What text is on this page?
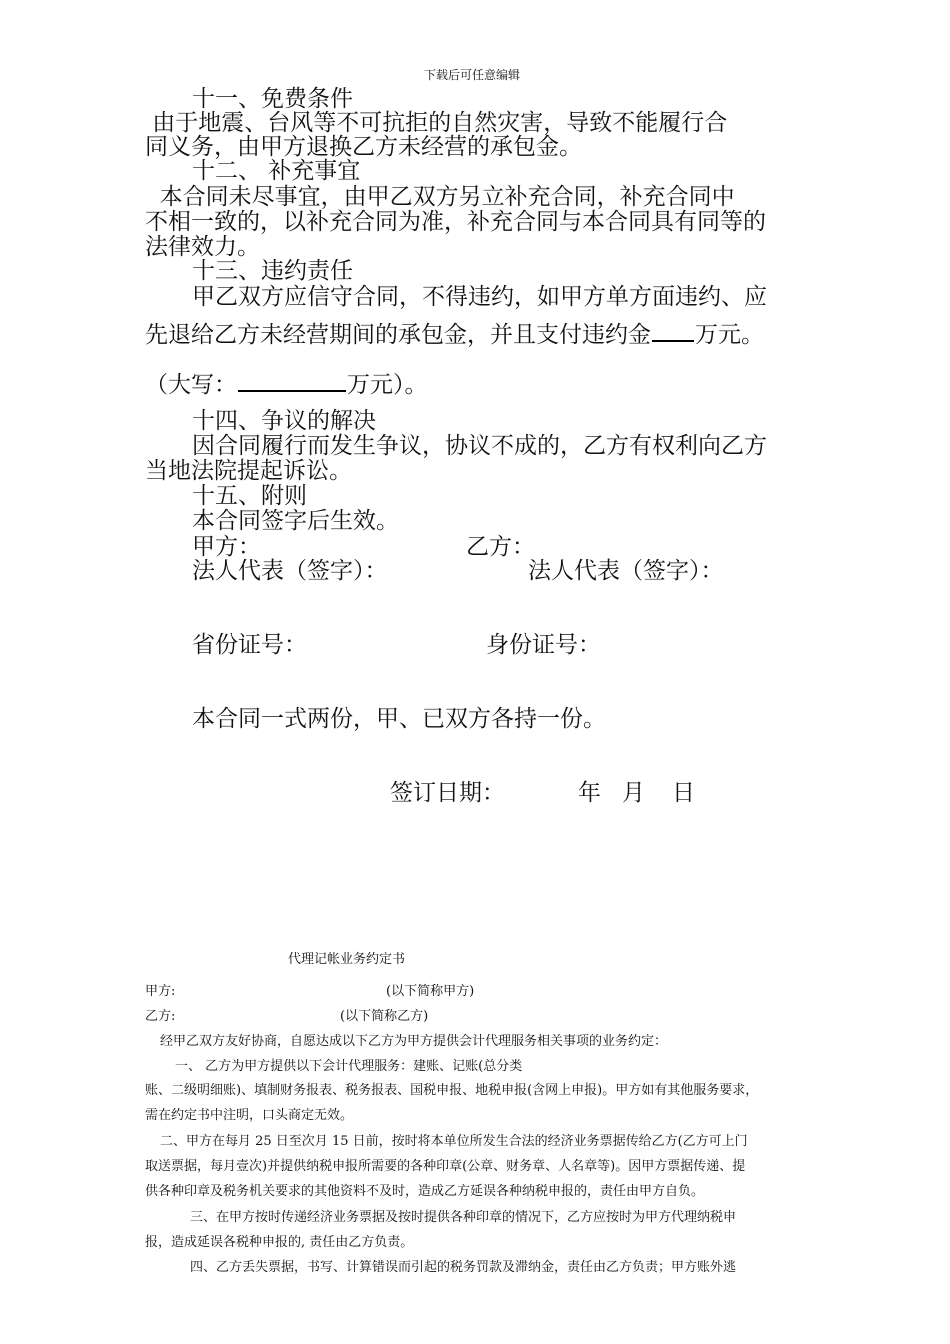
下载后可任意编辑
十一、免费条件
由于地震、台风等不可抗拒的自然灾害，导致不能履行合
同义务，由甲方退换乙方未经营的承包金。
十二、 补充事宜
本合同未尽事宜，由甲乙双方另立补充合同，补充合同中
不相一致的，以补充合同为准，补充合同与本合同具有同等的
法律效力。
十三、违约责任
甲乙双方应信守合同，不得违约，如甲方单方面违约、应
先退给乙方未经营期间的承包金，并且支付违约金 万元。
（大写：	万元）。
十四、争议的解决
因合同履行而发生争议，协议不成的，乙方有权利向乙方
当地法院提起诉讼。
十五、附则
本合同签字后生效。
甲方：	乙方：
法人代表（签字）：	法人代表（签字）：
省份证号：	身份证号：
本合同一式两份，甲、已双方各持一份。
签订日期：	年 月 日
代理记帐业务约定书
甲方:	(以下简称甲方)
乙方:	(以下简称乙方)
经甲乙双方友好协商，自愿达成以下乙方为甲方提供会计代理服务相关事项的业务约定：
一、 乙方为甲方提供以下会计代理服务：建账、记账(总分类
账、二级明细账)、填制财务报表、税务报表、国税申报、地税申报(含网上申报)。甲方如有其他服务要求，
需在约定书中注明，口头商定无效。
二、甲方在每月 25 日至次月 15 日前，按时将本单位所发生合法的经济业务票据传给乙方(乙方可上门
取送票据，每月壹次)并提供纳税申报所需要的各种印章(公章、财务章、人名章等)。因甲方票据传递、提
供各种印章及税务机关要求的其他资料不及时，造成乙方延误各种纳税申报的，责任由甲方自负。
三、在甲方按时传递经济业务票据及按时提供各种印章的情况下，乙方应按时为甲方代理纳税申
报，造成延误各税种申报的, 责任由乙方负责。
四、乙方丢失票据，书写、计算错误而引起的税务罚款及滞纳金，责任由乙方负责；甲方账外逃
